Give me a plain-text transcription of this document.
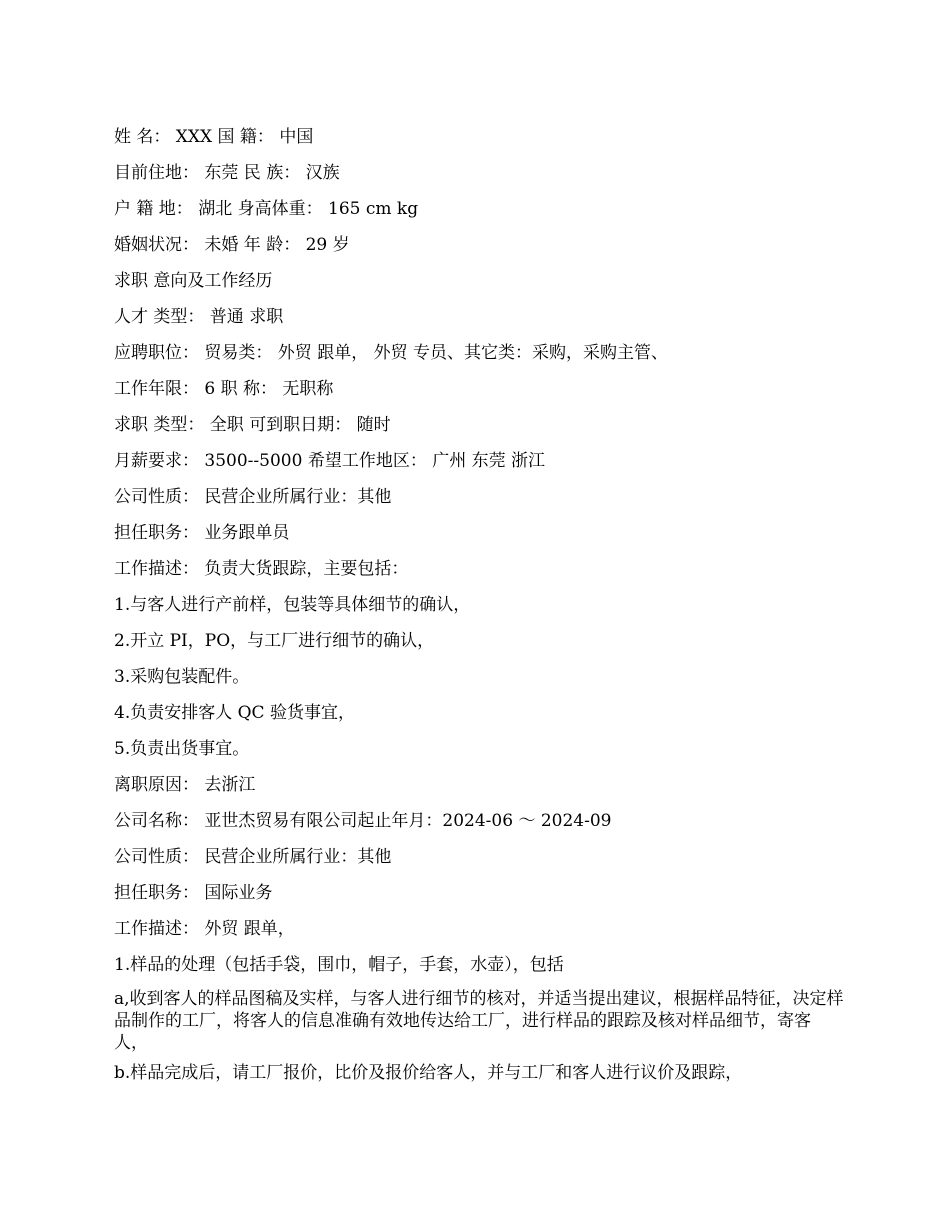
姓 名： XXX 国 籍： 中国
目前住地： 东莞 民 族： 汉族
户 籍 地： 湖北 身高体重： 165 cm kg
婚姻状况： 未婚 年 龄： 29 岁
求职 意向及工作经历
人才 类型： 普通 求职
应聘职位： 贸易类： 外贸 跟单， 外贸 专员、其它类：采购，采购主管、
工作年限： 6 职 称： 无职称
求职 类型： 全职 可到职日期： 随时
月薪要求： 3500--5000 希望工作地区： 广州 东莞 浙江
公司性质： 民营企业所属行业：其他
担任职务： 业务跟单员
工作描述： 负责大货跟踪，主要包括：
1.与客人进行产前样，包装等具体细节的确认，
2.开立 PI，PO，与工厂进行细节的确认，
3.采购包装配件。
4.负责安排客人 QC 验货事宜，
5.负责出货事宜。
离职原因： 去浙江
公司名称： 亚世杰贸易有限公司起止年月：2024-06 ～ 2024-09
公司性质： 民营企业所属行业：其他
担任职务： 国际业务
工作描述： 外贸 跟单，
1.样品的处理（包括手袋，围巾，帽子，手套，水壶），包括
a,收到客人的样品图稿及实样，与客人进行细节的核对，并适当提出建议，根据样品特征，决定样品制作的工厂，将客人的信息准确有效地传达给工厂，进行样品的跟踪及核对样品细节，寄客人，
b.样品完成后，请工厂报价，比价及报价给客人，并与工厂和客人进行议价及跟踪，
